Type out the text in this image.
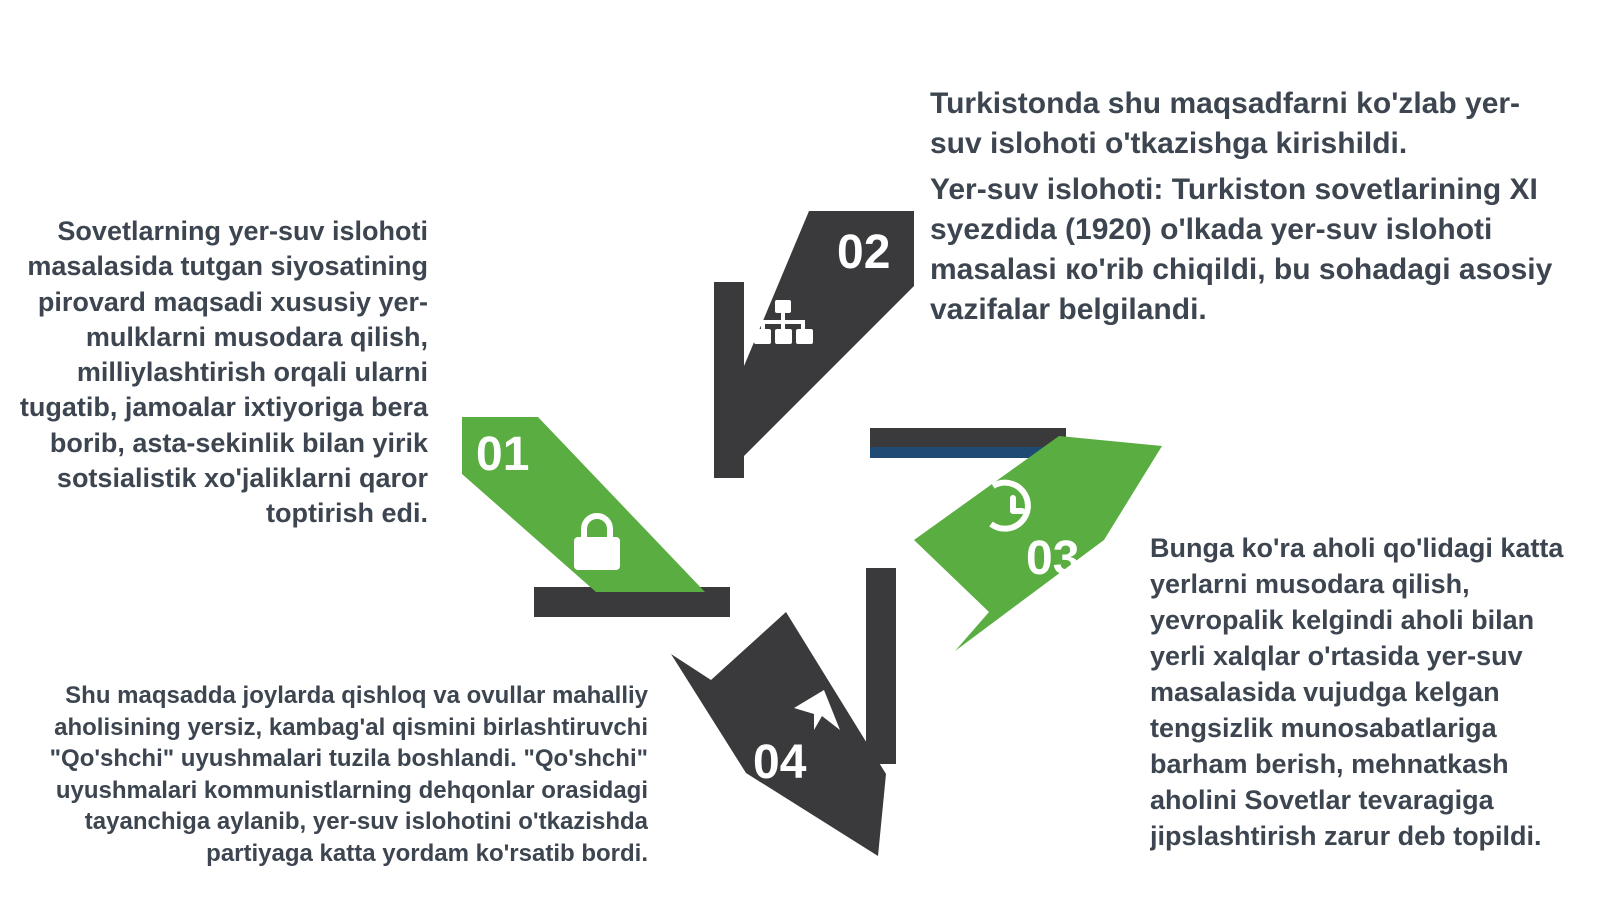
01
02
03
04

Sovetlarning yer-suv islohoti masalasida tutgan siyosatining pirovard maqsadi xususiy yer-mulklarni musodara qilish, milliylashtirish orqali ularni tugatib, jamoalar ixtiyoriga bera borib, asta-sekinlik bilan yirik sotsialistik xo'jaliklarni qaror toptirish edi.

Turkistonda shu maqsadfarni ko'zlab yer-suv islohoti o'tkazishga kirishildi.

Yer-suv islohoti: Turkiston sovetlarining XI syezdida (1920) o'lkada yer-suv islohoti masalasi кo'rib chiqildi, bu sohadagi asosiy vazifalar belgilandi.

Bunga ko'ra aholi qo'lidagi katta yerlarni musodara qilish, yevropalik kelgindi aholi bilan yerli xalqlar o'rtasida yer-suv masalasida vujudga kelgan tengsizlik munosabatlariga barham berish, mehnatkash aholini Sovetlar tevaragiga jipslashtirish zarur deb topildi.

Shu maqsadda joylarda qishloq va ovullar mahalliy aholisining yersiz, kambag'al qismini birlashtiruvchi "Qo'shchi" uyushmalari tuzila boshlandi. "Qo'shchi" uyushmalari kommunistlarning dehqonlar orasidagi tayanchiga aylanib, yer-suv islohotini o'tkazishda partiyaga katta yordam ko'rsatib bordi.
